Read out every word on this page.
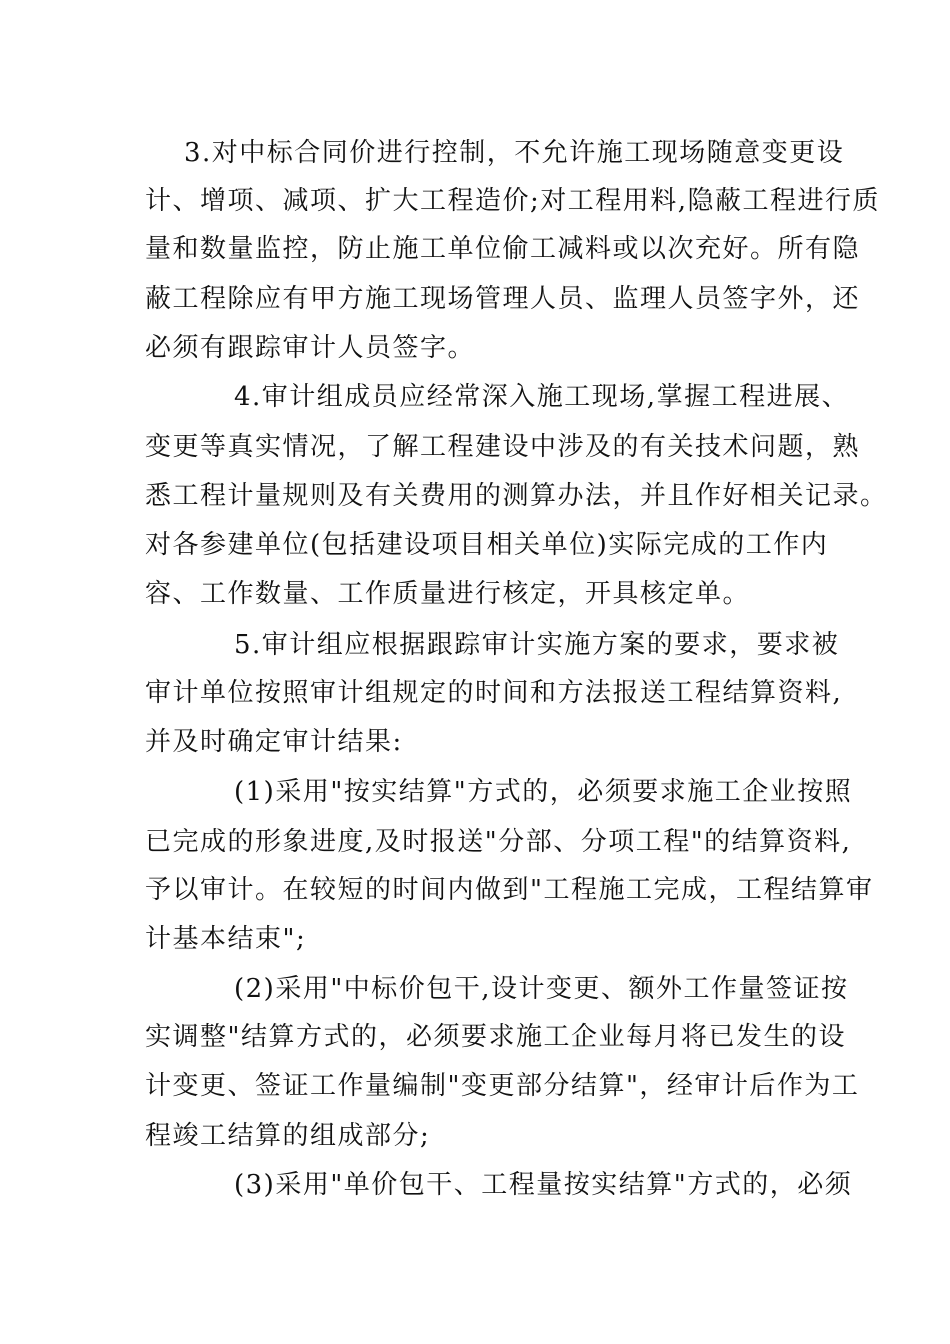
3.对中标合同价进行控制，不允许施工现场随意变更设
计、增项、减项、扩大工程造价;对工程用料,隐蔽工程进行质
量和数量监控，防止施工单位偷工减料或以次充好。所有隐
蔽工程除应有甲方施工现场管理人员、监理人员签字外，还
必须有跟踪审计人员签字。
4.审计组成员应经常深入施工现场,掌握工程进展、
变更等真实情况，了解工程建设中涉及的有关技术问题，熟
悉工程计量规则及有关费用的测算办法，并且作好相关记录。
对各参建单位(包括建设项目相关单位)实际完成的工作内
容、工作数量、工作质量进行核定，开具核定单。
5.审计组应根据跟踪审计实施方案的要求，要求被
审计单位按照审计组规定的时间和方法报送工程结算资料,
并及时确定审计结果:
(1)采用"按实结算"方式的，必须要求施工企业按照
已完成的形象进度,及时报送"分部、分项工程"的结算资料,
予以审计。在较短的时间内做到"工程施工完成，工程结算审
计基本结束";
(2)采用"中标价包干,设计变更、额外工作量签证按
实调整"结算方式的，必须要求施工企业每月将已发生的设
计变更、签证工作量编制"变更部分结算"，经审计后作为工
程竣工结算的组成部分;
(3)采用"单价包干、工程量按实结算"方式的，必须
